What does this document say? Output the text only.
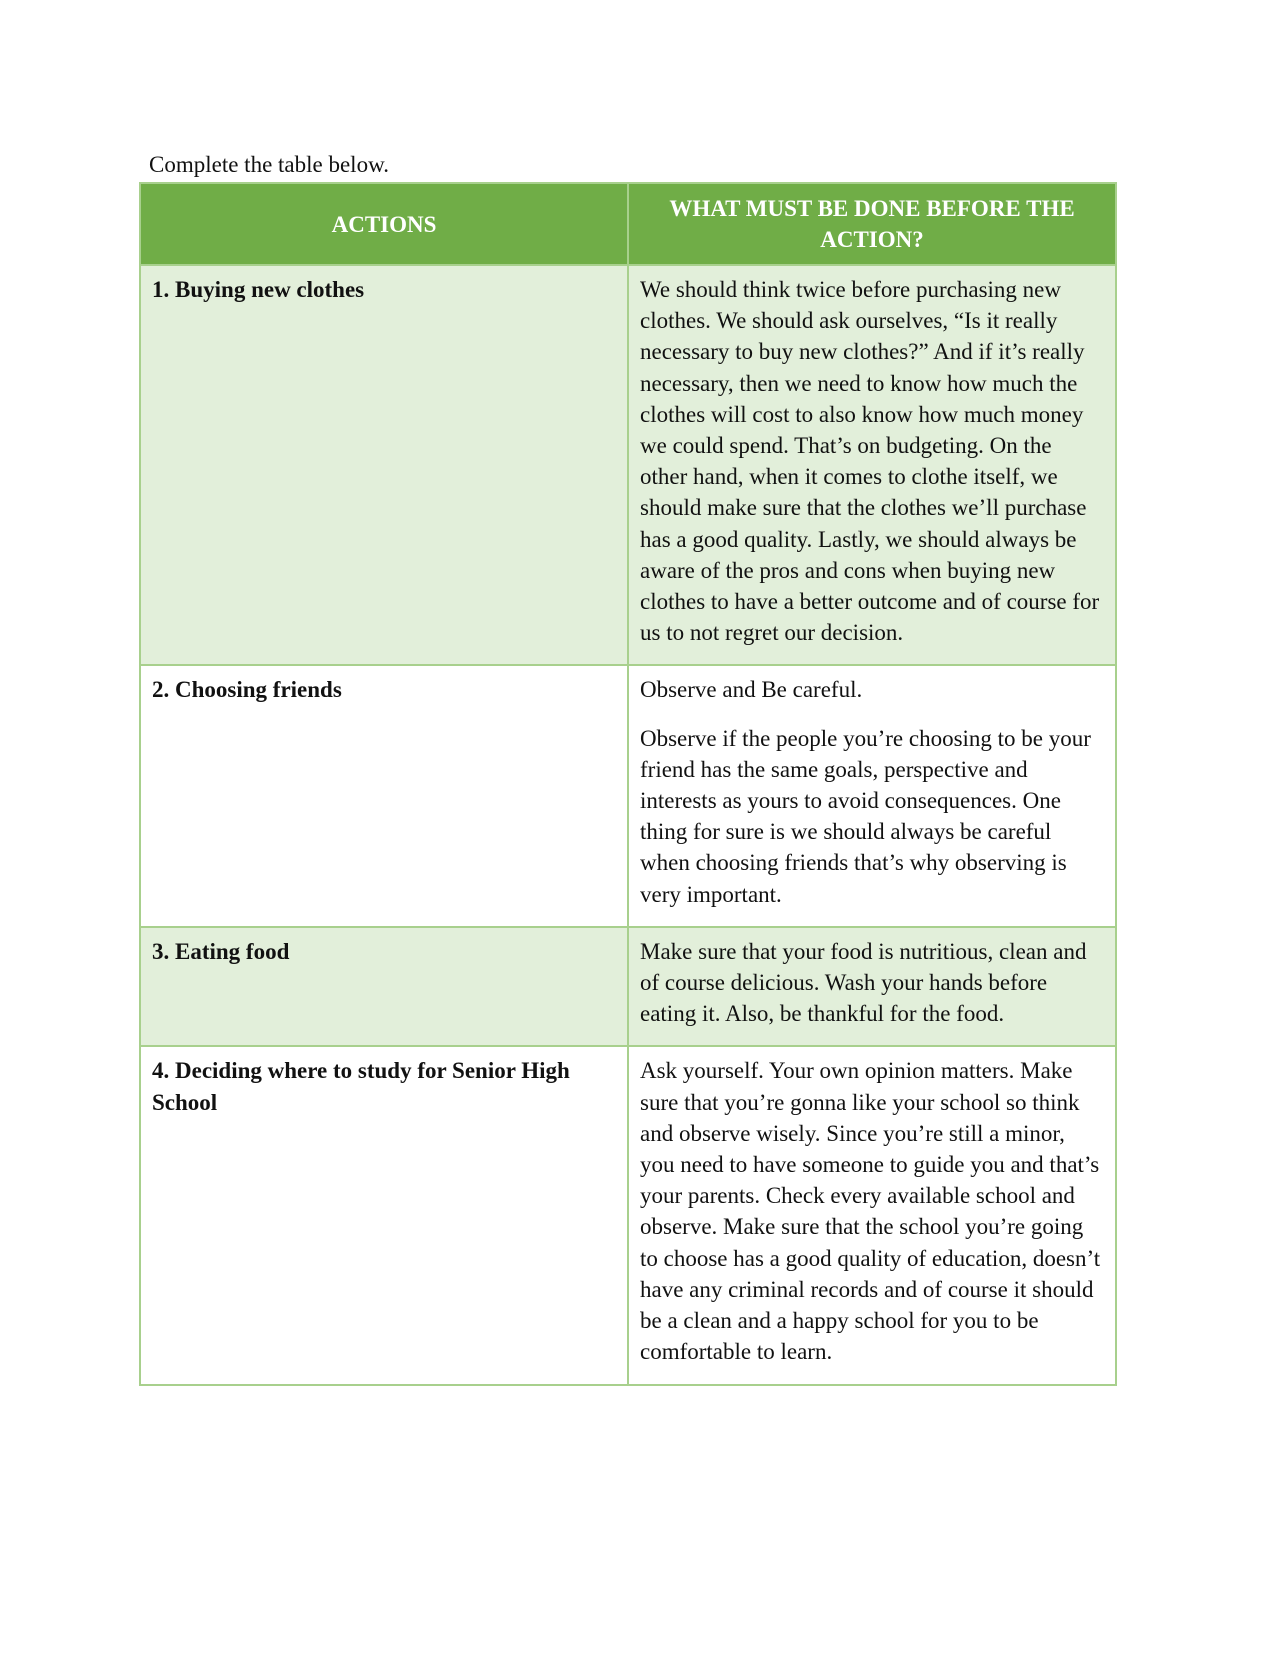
Complete the table below.

ACTIONS	WHAT MUST BE DONE BEFORE THE ACTION?
1. Buying new clothes	We should think twice before purchasing new clothes. We should ask ourselves, “Is it really necessary to buy new clothes?” And if it’s really necessary, then we need to know how much the clothes will cost to also know how much money we could spend. That’s on budgeting. On the other hand, when it comes to clothe itself, we should make sure that the clothes we’ll purchase has a good quality. Lastly, we should always be aware of the pros and cons when buying new clothes to have a better outcome and of course for us to not regret our decision.

2. Choosing friends	Observe and Be careful.

Observe if the people you’re choosing to be your friend has the same goals, perspective and interests as yours to avoid consequences. One thing for sure is we should always be careful when choosing friends that’s why observing is very important.

3. Eating food	Make sure that your food is nutritious, clean and of course delicious. Wash your hands before eating it. Also, be thankful for the food.

4. Deciding where to study for Senior High School	Ask yourself. Your own opinion matters. Make sure that you’re gonna like your school so think and observe wisely. Since you’re still a minor, you need to have someone to guide you and that’s your parents. Check every available school and observe. Make sure that the school you’re going to choose has a good quality of education, doesn’t have any criminal records and of course it should be a clean and a happy school for you to be comfortable to learn.
